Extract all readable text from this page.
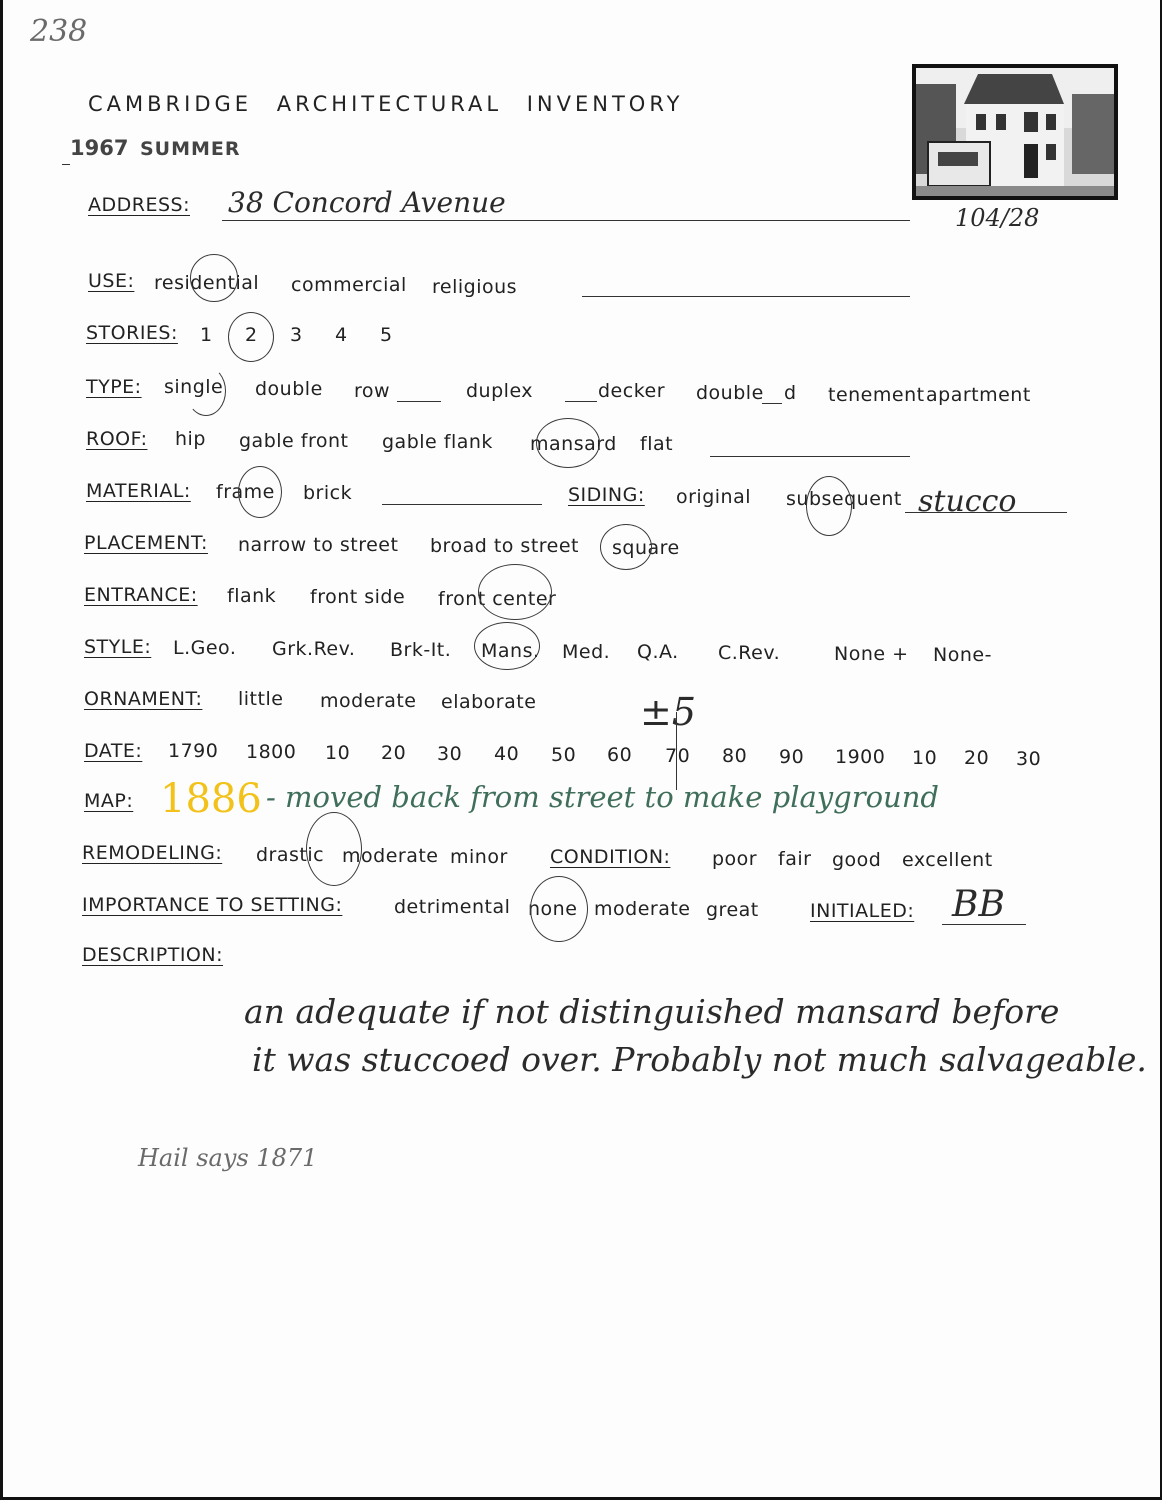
238
CAMBRIDGE ARCHITECTURAL INVENTORY
1967 SUMMER
ADDRESS: 38 Concord Avenue	104/28
USE: residential commercial religious
STORIES: 1 2 3 4 5
TYPE: single double row	duplex	decker double d tenement apartment
ROOF: hip gable front gable flank mansard flat
MATERIAL: frame brick	SIDING: original subsequent stucco
PLACEMENT: narrow to street broad to street square
ENTRANCE: flank front side front center
STYLE: L.Geo. Grk.Rev. Brk-It. Mans. Med. Q.A. C.Rev.	None + None-
ORNAMENT: little moderate elaborate
DATE: 1790 1800 10 20 30 40 50 60 70 80 90 1900 10 20 30
±5
MAP: 1886 - moved back from street to make playground
REMODELING: drastic moderate minor CONDITION: poor fair good excellent
IMPORTANCE TO SETTING:	detrimental none moderate great	INITIALED: BB
DESCRIPTION:
an adequate if not distinguished mansard before
it was stuccoed over. Probably not much salvageable.
Hail says 1871
